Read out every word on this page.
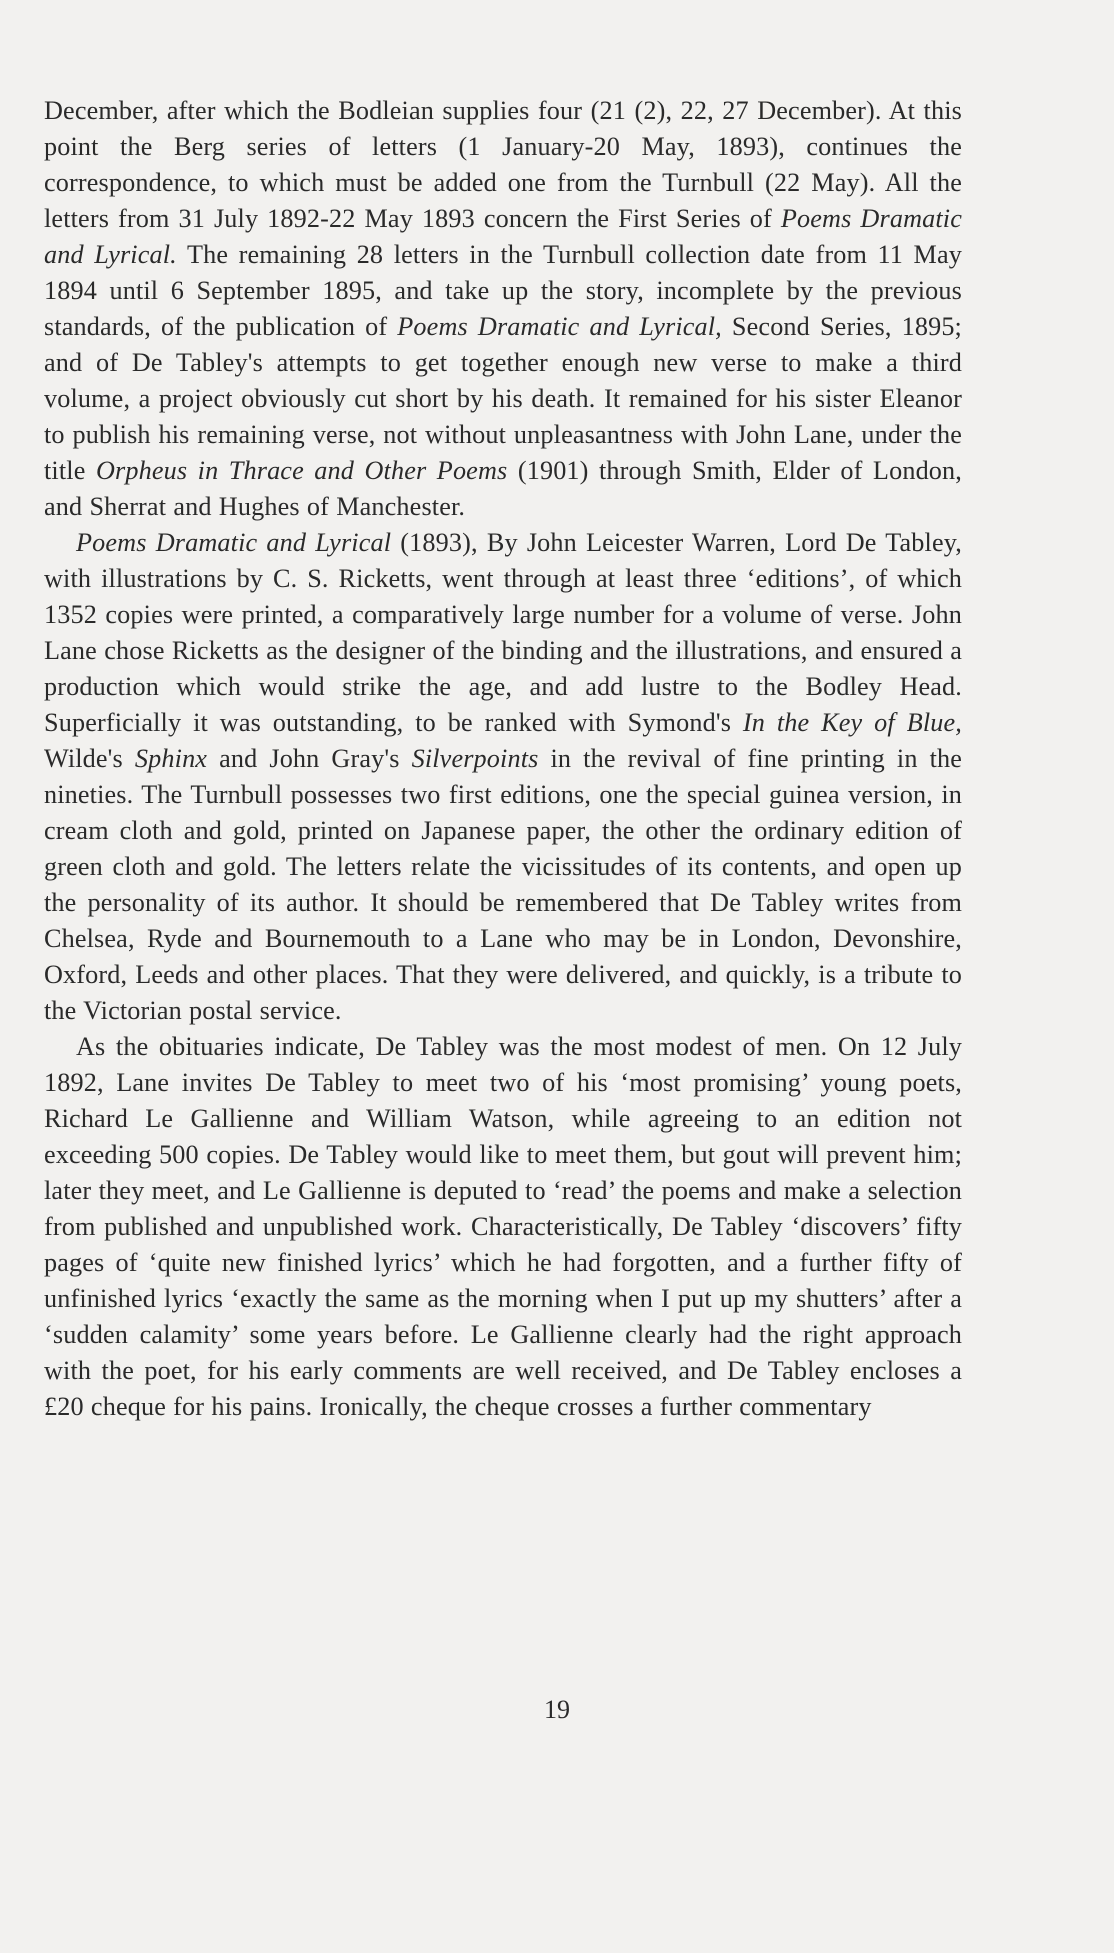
December, after which the Bodleian supplies four (21 (2), 22, 27 December). At this point the Berg series of letters (1 January-20 May, 1893), continues the correspondence, to which must be added one from the Turnbull (22 May). All the letters from 31 July 1892-22 May 1893 concern the First Series of Poems Dramatic and Lyrical. The remaining 28 letters in the Turnbull collection date from 11 May 1894 until 6 September 1895, and take up the story, incomplete by the previous standards, of the publication of Poems Dramatic and Lyrical, Second Series, 1895; and of De Tabley's attempts to get together enough new verse to make a third volume, a project obviously cut short by his death. It remained for his sister Eleanor to publish his remaining verse, not without unpleasantness with John Lane, under the title Orpheus in Thrace and Other Poems (1901) through Smith, Elder of London, and Sherrat and Hughes of Manchester.

Poems Dramatic and Lyrical (1893), By John Leicester Warren, Lord De Tabley, with illustrations by C. S. Ricketts, went through at least three ‘editions’, of which 1352 copies were printed, a comparatively large number for a volume of verse. John Lane chose Ricketts as the designer of the binding and the illustrations, and ensured a production which would strike the age, and add lustre to the Bodley Head. Superficially it was outstanding, to be ranked with Symond's In the Key of Blue, Wilde's Sphinx and John Gray's Silverpoints in the revival of fine printing in the nineties. The Turnbull possesses two first editions, one the special guinea version, in cream cloth and gold, printed on Japanese paper, the other the ordinary edition of green cloth and gold. The letters relate the vicissitudes of its contents, and open up the personality of its author. It should be remembered that De Tabley writes from Chelsea, Ryde and Bournemouth to a Lane who may be in London, Devonshire, Oxford, Leeds and other places. That they were delivered, and quickly, is a tribute to the Victorian postal service.

As the obituaries indicate, De Tabley was the most modest of men. On 12 July 1892, Lane invites De Tabley to meet two of his ‘most promising’ young poets, Richard Le Gallienne and William Watson, while agreeing to an edition not exceeding 500 copies. De Tabley would like to meet them, but gout will prevent him; later they meet, and Le Gallienne is deputed to ‘read’ the poems and make a selection from published and unpublished work. Characteristically, De Tabley ‘discovers’ fifty pages of ‘quite new finished lyrics’ which he had forgotten, and a further fifty of unfinished lyrics ‘exactly the same as the morning when I put up my shutters’ after a ‘sudden calamity’ some years before. Le Gallienne clearly had the right approach with the poet, for his early comments are well received, and De Tabley encloses a £20 cheque for his pains. Ironically, the cheque crosses a further commentary

19
